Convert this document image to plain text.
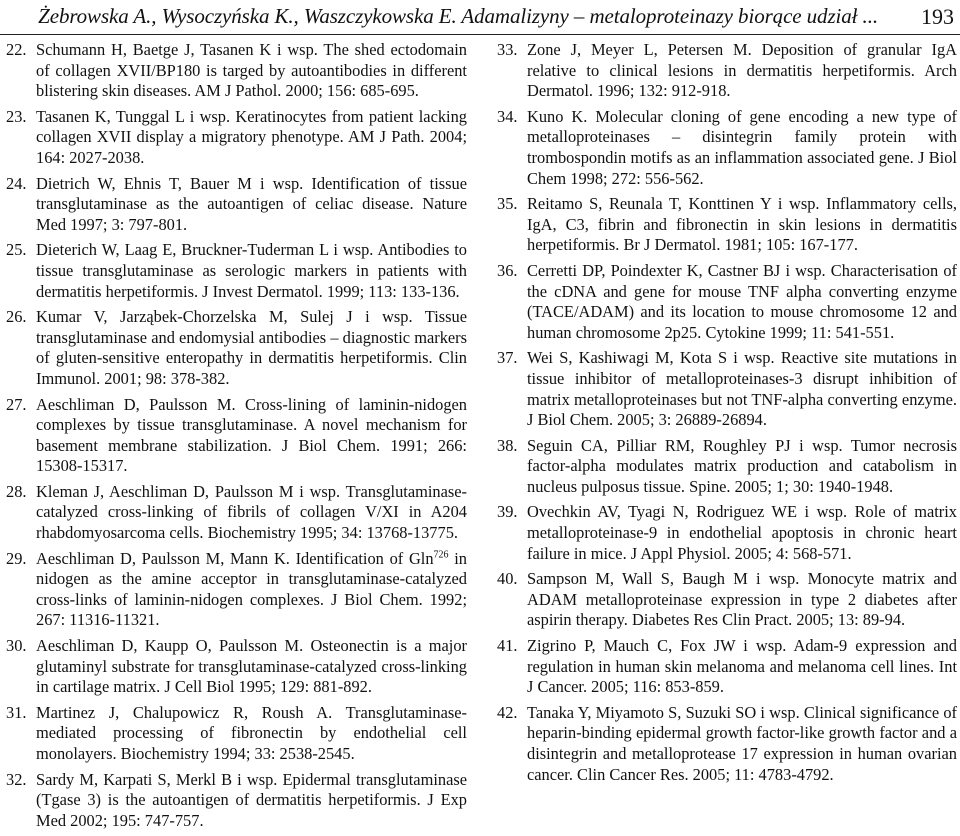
Żebrowska A., Wysoczyńska K., Waszczykowska E. Adamalizyny – metaloproteinazy biorące udział ... 193
22. Schumann H, Baetge J, Tasanen K i wsp. The shed ectodomain of collagen XVII/BP180 is targed by autoantibodies in different blistering skin diseases. AM J Pathol. 2000; 156: 685-695.
23. Tasanen K, Tunggal L i wsp. Keratinocytes from patient lacking collagen XVII display a migratory phenotype. AM J Path. 2004; 164: 2027-2038.
24. Dietrich W, Ehnis T, Bauer M i wsp. Identification of tissue transglutaminase as the autoantigen of celiac disease. Nature Med 1997; 3: 797-801.
25. Dieterich W, Laag E, Bruckner-Tuderman L i wsp. Antibodies to tissue transglutaminase as serologic markers in patients with dermatitis herpetiformis. J Invest Dermatol. 1999; 113: 133-136.
26. Kumar V, Jarząbek-Chorzelska M, Sulej J i wsp. Tissue transglutaminase and endomysial antibodies – diagnostic markers of gluten-sensitive enteropathy in dermatitis herpetiformis. Clin Immunol. 2001; 98: 378-382.
27. Aeschliman D, Paulsson M. Cross-lining of laminin-nidogen complexes by tissue transglutaminase. A novel mechanism for basement membrane stabilization. J Biol Chem. 1991; 266: 15308-15317.
28. Kleman J, Aeschliman D, Paulsson M i wsp. Transglutaminase-catalyzed cross-linking of fibrils of collagen V/XI in A204 rhabdomyosarcoma cells. Biochemistry 1995; 34: 13768-13775.
29. Aeschliman D, Paulsson M, Mann K. Identification of Gln$^{726}$ in nidogen as the amine acceptor in transglutaminase-catalyzed cross-links of laminin-nidogen complexes. J Biol Chem. 1992; 267: 11316-11321.
30. Aeschliman D, Kaupp O, Paulsson M. Osteonectin is a major glutaminyl substrate for transglutaminase-catalyzed cross-linking in cartilage matrix. J Cell Biol 1995; 129: 881-892.
31. Martinez J, Chalupowicz R, Roush A. Transglutaminase-mediated processing of fibronectin by endothelial cell monolayers. Biochemistry 1994; 33: 2538-2545.
32. Sardy M, Karpati S, Merkl B i wsp. Epidermal transglutaminase (Tgase 3) is the autoantigen of dermatitis herpetiformis. J Exp Med 2002; 195: 747-757.
33. Zone J, Meyer L, Petersen M. Deposition of granular IgA relative to clinical lesions in dermatitis herpetiformis. Arch Dermatol. 1996; 132: 912-918.
34. Kuno K. Molecular cloning of gene encoding a new type of metalloproteinases – disintegrin family protein with trombospondin motifs as an inflammation associated gene. J Biol Chem 1998; 272: 556-562.
35. Reitamo S, Reunala T, Konttinen Y i wsp. Inflammatory cells, IgA, C3, fibrin and fibronectin in skin lesions in dermatitis herpetiformis. Br J Dermatol. 1981; 105: 167-177.
36. Cerretti DP, Poindexter K, Castner BJ i wsp. Characterisation of the cDNA and gene for mouse TNF alpha converting enzyme (TACE/ADAM) and its location to mouse chromosome 12 and human chromosome 2p25. Cytokine 1999; 11: 541-551.
37. Wei S, Kashiwagi M, Kota S i wsp. Reactive site mutations in tissue inhibitor of metalloproteinases-3 disrupt inhibition of matrix metalloproteinases but not TNF-alpha converting enzyme. J Biol Chem. 2005; 3: 26889-26894.
38. Seguin CA, Pilliar RM, Roughley PJ i wsp. Tumor necrosis factor-alpha modulates matrix production and catabolism in nucleus pulposus tissue. Spine. 2005; 1; 30: 1940-1948.
39. Ovechkin AV, Tyagi N, Rodriguez WE i wsp. Role of matrix metalloproteinase-9 in endothelial apoptosis in chronic heart failure in mice. J Appl Physiol. 2005; 4: 568-571.
40. Sampson M, Wall S, Baugh M i wsp. Monocyte matrix and ADAM metalloproteinase expression in type 2 diabetes after aspirin therapy. Diabetes Res Clin Pract. 2005; 13: 89-94.
41. Zigrino P, Mauch C, Fox JW i wsp. Adam-9 expression and regulation in human skin melanoma and melanoma cell lines. Int J Cancer. 2005; 116: 853-859.
42. Tanaka Y, Miyamoto S, Suzuki SO i wsp. Clinical significance of heparin-binding epidermal growth factor-like growth factor and a disintegrin and metalloprotease 17 expression in human ovarian cancer. Clin Cancer Res. 2005; 11: 4783-4792.
